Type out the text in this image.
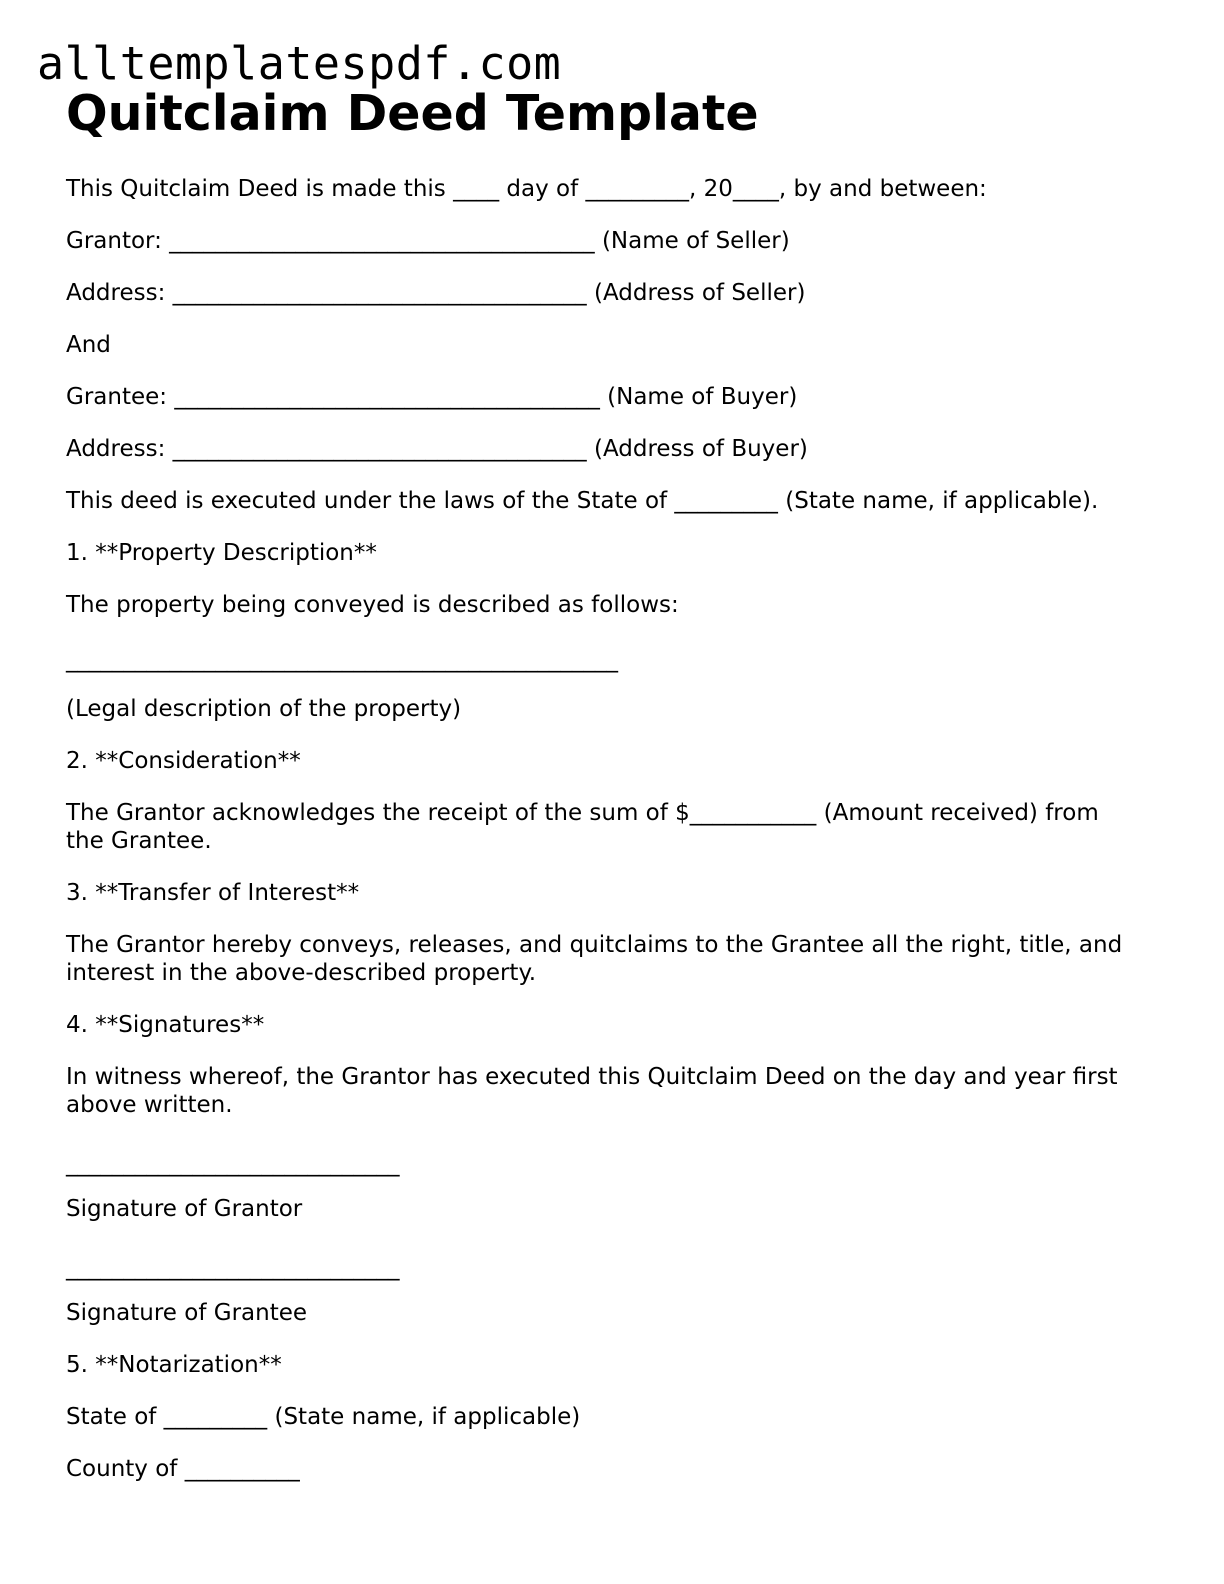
alltemplatespdf.com
Quitclaim Deed Template
This Quitclaim Deed is made this ____ day of _________, 20____, by and between:
Grantor: _____________________________________ (Name of Seller)
Address: ____________________________________ (Address of Seller)
And
Grantee: _____________________________________ (Name of Buyer)
Address: ____________________________________ (Address of Buyer)
This deed is executed under the laws of the State of _________ (State name, if applicable).
1. **Property Description**
The property being conveyed is described as follows:
________________________________________________
(Legal description of the property)
2. **Consideration**
The Grantor acknowledges the receipt of the sum of $___________ (Amount received) from the Grantee.
3. **Transfer of Interest**
The Grantor hereby conveys, releases, and quitclaims to the Grantee all the right, title, and interest in the above-described property.
4. **Signatures**
In witness whereof, the Grantor has executed this Quitclaim Deed on the day and year first above written.
_____________________________
Signature of Grantor
_____________________________
Signature of Grantee
5. **Notarization**
State of _________ (State name, if applicable)
County of __________
